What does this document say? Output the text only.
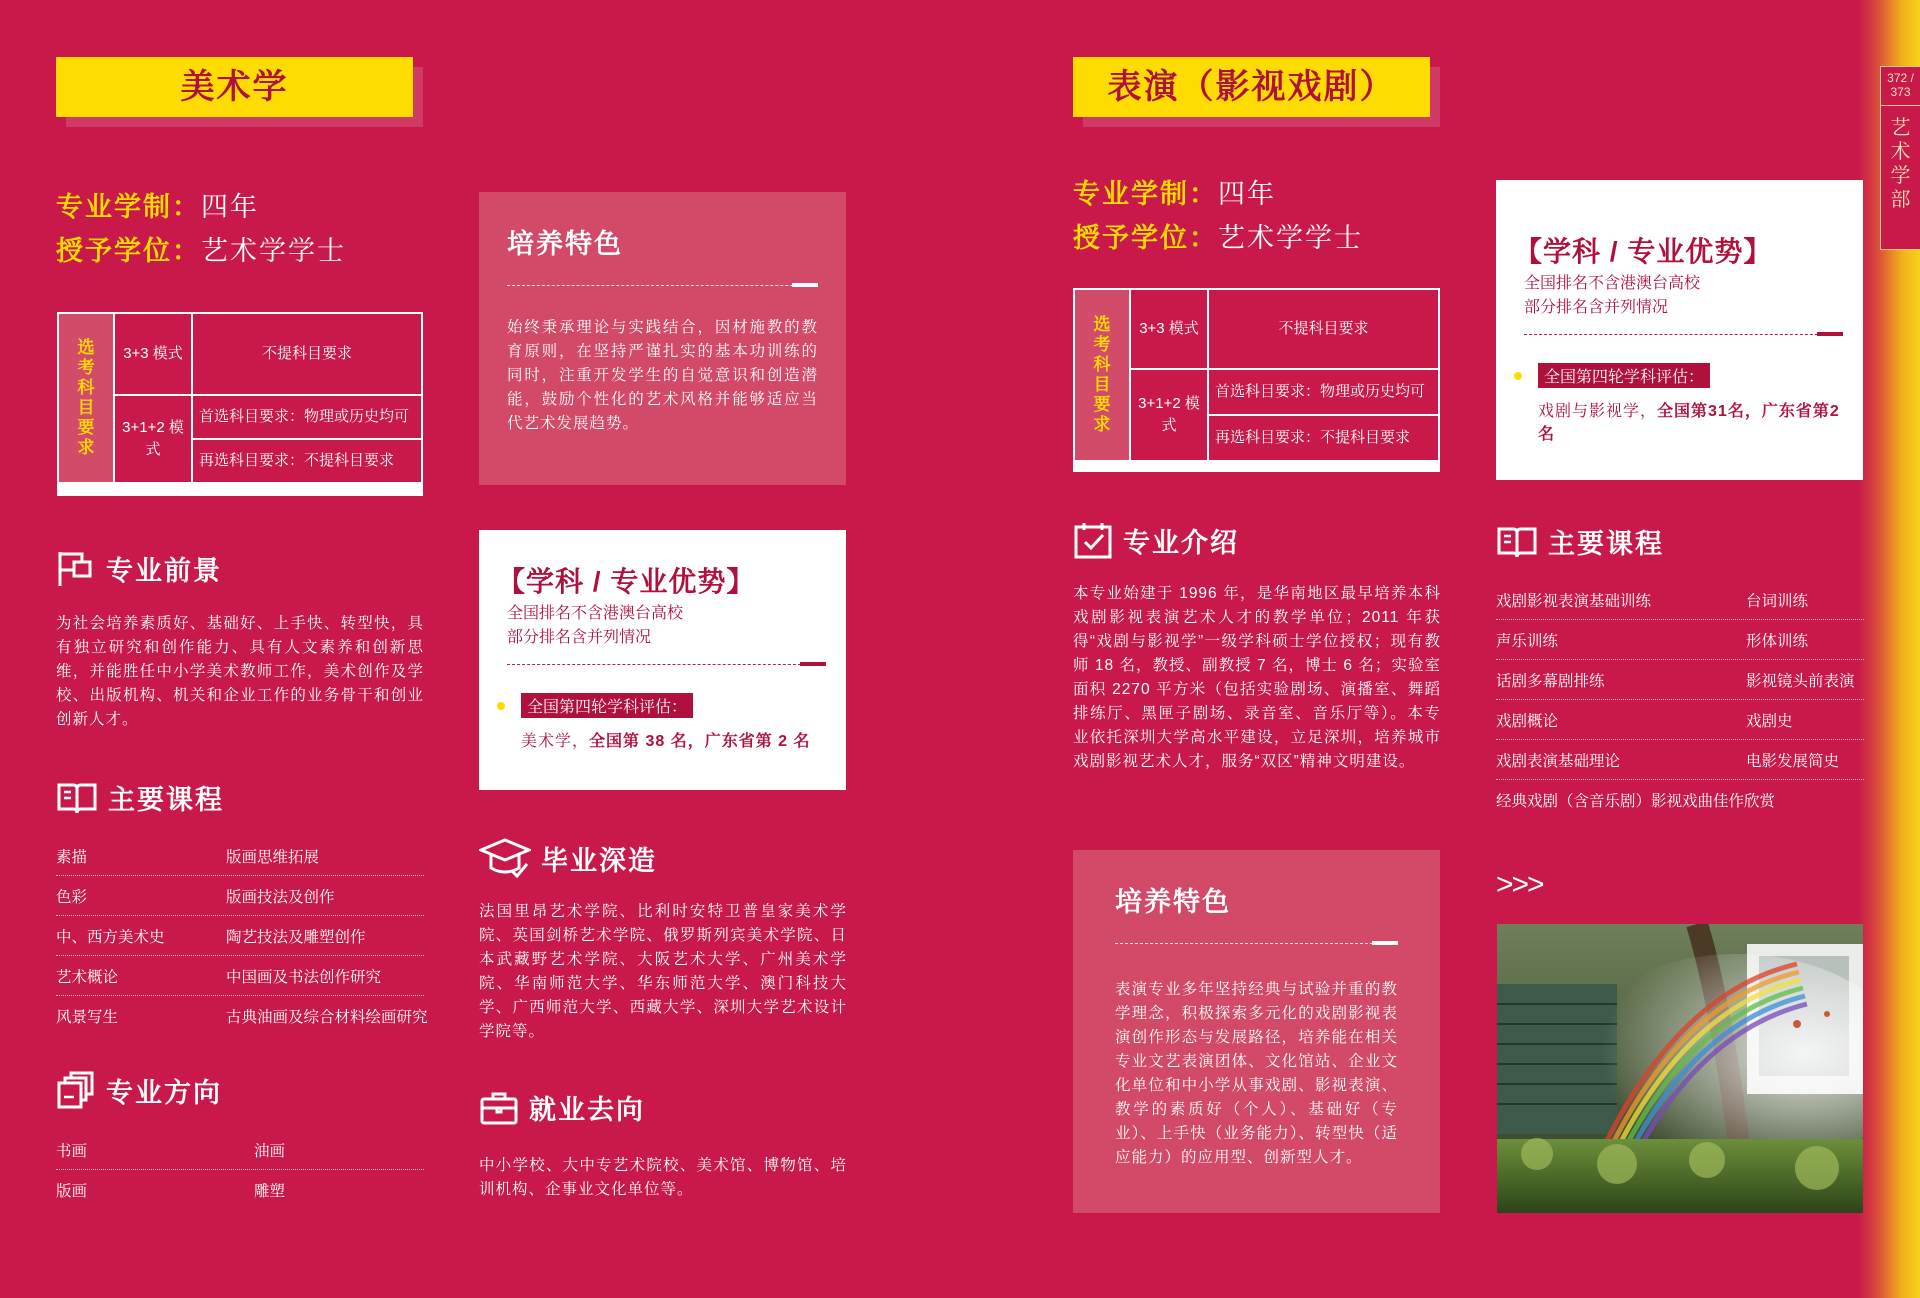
372 / 373
艺术学部
美术学
专业学制：四年
授予学位：艺术学学士
选考科目要求	3+3 模式	不提科目要求
	3+1+2 模式	首选科目要求：物理或历史均可
		再选科目要求：不提科目要求
专业前景
为社会培养素质好、基础好、上手快、转型快，具有独立研究和创作能力、具有人文素养和创新思维，并能胜任中小学美术教师工作，美术创作及学校、出版机构、机关和企业工作的业务骨干和创业创新人才。
主要课程
素描	版画思维拓展
色彩	版画技法及创作
中、西方美术史	陶艺技法及雕塑创作
艺术概论	中国画及书法创作研究
风景写生	古典油画及综合材料绘画研究
专业方向
书画	油画
版画	雕塑
培养特色
始终秉承理论与实践结合，因材施教的教育原则，在坚持严谨扎实的基本功训练的同时，注重开发学生的自觉意识和创造潜能，鼓励个性化的艺术风格并能够适应当代艺术发展趋势。
【学科 / 专业优势】
全国排名不含港澳台高校
部分排名含并列情况
全国第四轮学科评估：
美术学，全国第 38 名，广东省第 2 名
毕业深造
法国里昂艺术学院、比利时安特卫普皇家美术学院、英国剑桥艺术学院、俄罗斯列宾美术学院、日本武藏野艺术学院、大阪艺术大学、广州美术学院、华南师范大学、华东师范大学、澳门科技大学、广西师范大学、西藏大学、深圳大学艺术设计学院等。
就业去向
中小学校、大中专艺术院校、美术馆、博物馆、培训机构、企事业文化单位等。
表演（影视戏剧）
专业学制：四年
授予学位：艺术学学士
选考科目要求	3+3 模式	不提科目要求
	3+1+2 模式	首选科目要求：物理或历史均可
		再选科目要求：不提科目要求
专业介绍
本专业始建于 1996 年，是华南地区最早培养本科戏剧影视表演艺术人才的教学单位；2011 年获得“戏剧与影视学”一级学科硕士学位授权；现有教师 18 名，教授、副教授 7 名，博士 6 名；实验室面积 2270 平方米（包括实验剧场、演播室、舞蹈排练厅、黑匣子剧场、录音室、音乐厅等）。本专业依托深圳大学高水平建设，立足深圳，培养城市戏剧影视艺术人才，服务“双区”精神文明建设。
培养特色
表演专业多年坚持经典与试验并重的教学理念，积极探索多元化的戏剧影视表演创作形态与发展路径，培养能在相关专业文艺表演团体、文化馆站、企业文化单位和中小学从事戏剧、影视表演、教学的素质好（个人）、基础好（专业）、上手快（业务能力）、转型快（适应能力）的应用型、创新型人才。
【学科 / 专业优势】
全国排名不含港澳台高校
部分排名含并列情况
全国第四轮学科评估：
戏剧与影视学，全国第31名，广东省第2名
主要课程
戏剧影视表演基础训练	台词训练
声乐训练	形体训练
话剧多幕剧排练	影视镜头前表演
戏剧概论	戏剧史
戏剧表演基础理论	电影发展简史
经典戏剧（含音乐剧）影视戏曲佳作欣赏
>>>
